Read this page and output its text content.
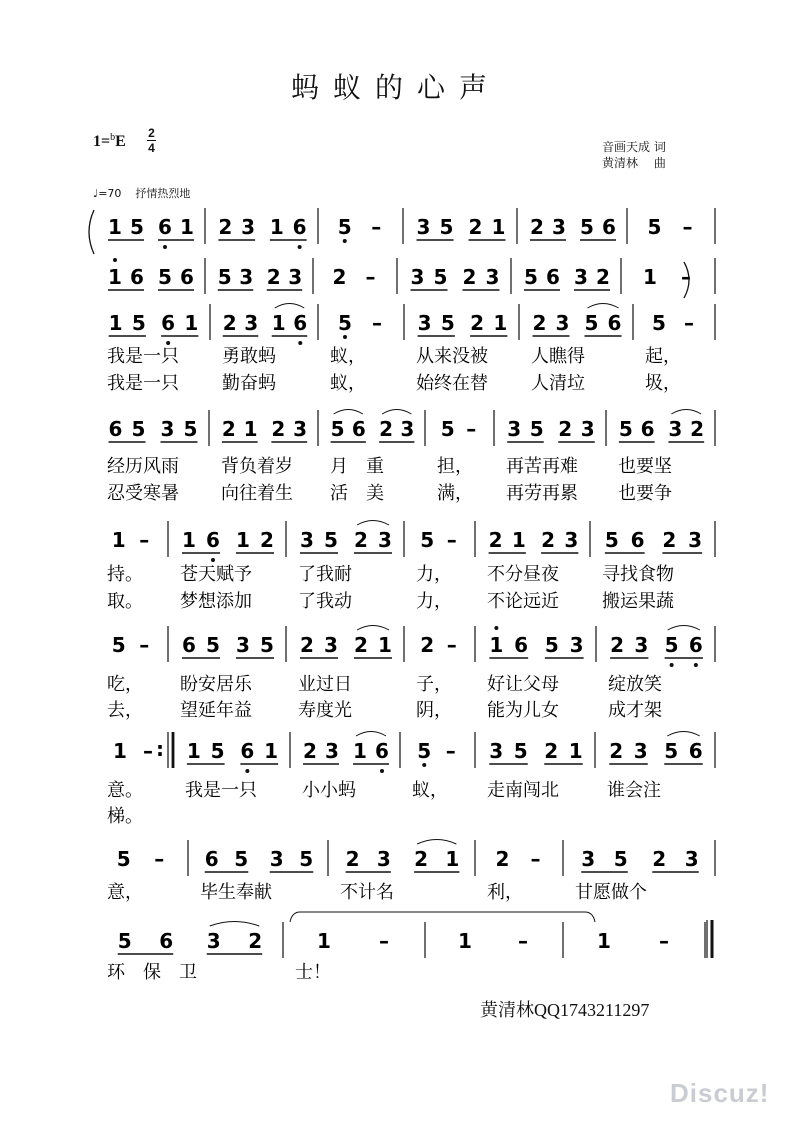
蚂蚁的心声
1=$^b$E 2
4	音画天成 词
黄清林　 曲
♩=70 抒情热烈地
1 5 6 1 2 3 1 6 5 – 3 5 2 1 2 3 5 6 5 –
1 6 5 6 5 3 2 3 2 – 3 5 2 3 5 6 3 2 1 –
1 5 6 1 2 3 1 6 5 – 3 5 2 1 2 3 5 6 5 –
我是一只 勇敢蚂	蚁，	从来没被 人瞧得	起，
我是一只 勤奋蚂	蚁，	始终在替 人清垃	圾，
6 5 3 5 2 1 2 3 5 6 2 3 5 – 3 5 2 3 5 6 3 2
经历风雨 背负着岁 月　重	担， 再苦再难 也要坚
忍受寒暑 向往着生 活　美	满， 再劳再累 也要争
1 – 1 6 1 2 3 5 2 3 5 – 2 1 2 3 5 6 2 3
持。 苍天赋予	了我耐	力， 不分昼夜 寻找食物
取。 梦想添加	了我动	力， 不论远近 搬运果蔬
5 – 6 5 3 5 2 3 2 1 2 – 1 6 5 3 2 3 5 6
吃， 盼安居乐	业过日	子， 好让父母	绽放笑
去， 望延年益	寿度光	阴， 能为儿女	成才架
1 – 1 5 6 1 2 3 1 6 5 – 3 5 2 1 2 3 5 6
意。 我是一只	小小蚂	蚁， 走南闯北	谁会注
梯。
5 – 6 5 3 5 2 3 2 1 2 – 3 5 2 3
意，	毕生奉献	不计名	利，	甘愿做个
5 6 3 2	1 –	1 –	1 –
环　保　卫	士！
:
黄清林QQ1743211297
Discuz!
